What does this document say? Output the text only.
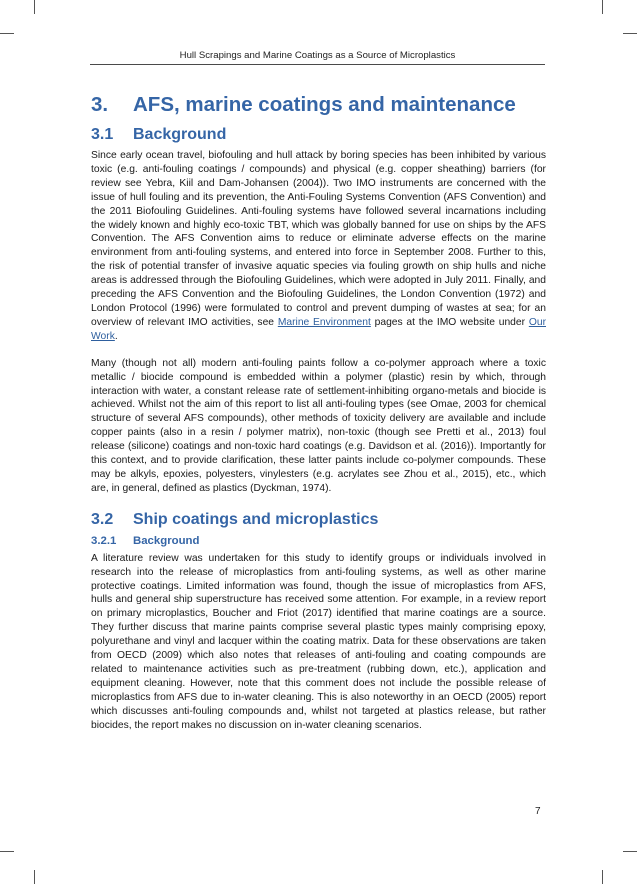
Hull Scrapings and Marine Coatings as a Source of Microplastics
3. AFS, marine coatings and maintenance
3.1 Background

Since early ocean travel, biofouling and hull attack by boring species has been inhibited by various toxic (e.g. anti-fouling coatings / compounds) and physical (e.g. copper sheathing) barriers (for review see Yebra, Kiil and Dam-Johansen (2004)). Two IMO instruments are concerned with the issue of hull fouling and its prevention, the Anti-Fouling Systems Convention (AFS Convention) and the 2011 Biofouling Guidelines. Anti-fouling systems have followed several incarnations including the widely known and highly eco-toxic TBT, which was globally banned for use on ships by the AFS Convention. The AFS Convention aims to reduce or eliminate adverse effects on the marine environment from anti-fouling systems, and entered into force in September 2008. Further to this, the risk of potential transfer of invasive aquatic species via fouling growth on ship hulls and niche areas is addressed through the Biofouling Guidelines, which were adopted in July 2011. Finally, and preceding the AFS Convention and the Biofouling Guidelines, the London Convention (1972) and London Protocol (1996) were formulated to control and prevent dumping of wastes at sea; for an overview of relevant IMO activities, see Marine Environment pages at the IMO website under Our Work.

Many (though not all) modern anti-fouling paints follow a co-polymer approach where a toxic metallic / biocide compound is embedded within a polymer (plastic) resin by which, through interaction with water, a constant release rate of settlement-inhibiting organo-metals and biocide is achieved. Whilst not the aim of this report to list all anti-fouling types (see Omae, 2003 for chemical structure of several AFS compounds), other methods of toxicity delivery are available and include copper paints (also in a resin / polymer matrix), non-toxic (though see Pretti et al., 2013) foul release (silicone) coatings and non-toxic hard coatings (e.g. Davidson et al. (2016)). Importantly for this context, and to provide clarification, these latter paints include co-polymer compounds. These may be alkyls, epoxies, polyesters, vinylesters (e.g. acrylates see Zhou et al., 2015), etc., which are, in general, defined as plastics (Dyckman, 1974).

3.2 Ship coatings and microplastics
3.2.1 Background

A literature review was undertaken for this study to identify groups or individuals involved in research into the release of microplastics from anti-fouling systems, as well as other marine protective coatings. Limited information was found, though the issue of microplastics from AFS, hulls and general ship superstructure has received some attention. For example, in a review report on primary microplastics, Boucher and Friot (2017) identified that marine coatings are a source. They further discuss that marine paints comprise several plastic types mainly comprising epoxy, polyurethane and vinyl and lacquer within the coating matrix. Data for these observations are taken from OECD (2009) which also notes that releases of anti-fouling and coating compounds are related to maintenance activities such as pre-treatment (rubbing down, etc.), application and equipment cleaning. However, note that this comment does not include the possible release of microplastics from AFS due to in-water cleaning. This is also noteworthy in an OECD (2005) report which discusses anti-fouling compounds and, whilst not targeted at plastics release, but rather biocides, the report makes no discussion on in-water cleaning scenarios.

7
